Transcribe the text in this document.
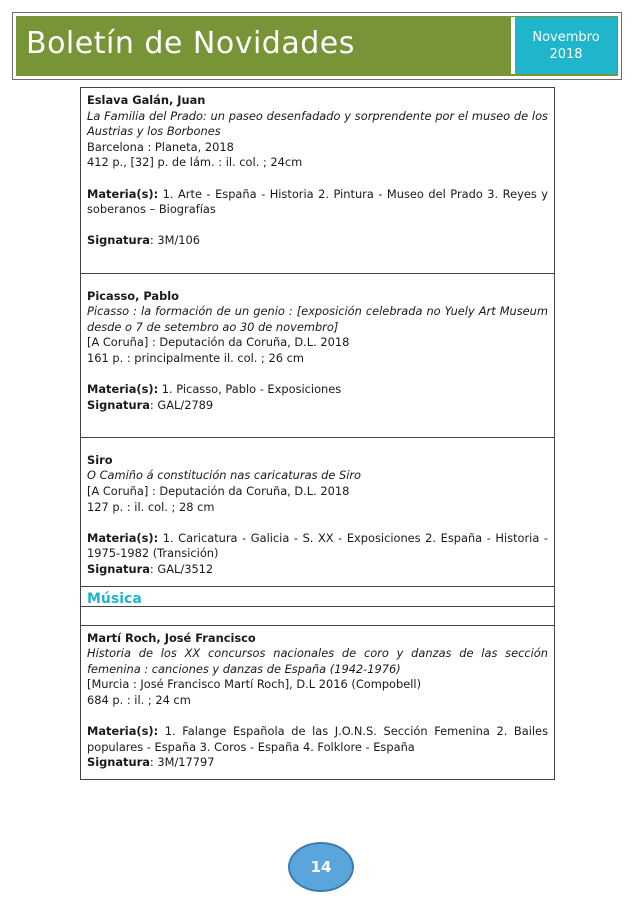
Boletín de Novidades	Novembro
2018

Eslava Galán, Juan

La Familia del Prado: un paseo desenfadado y sorprendente por el museo de los Austrias y los Borbones

Barcelona : Planeta, 2018

412 p., [32] p. de lám. : il. col. ; 24cm

Materia(s): 1. Arte - España - Historia 2. Pintura - Museo del Prado 3. Reyes y soberanos – Biografías

Signatura: 3M/106

Picasso, Pablo

Picasso : la formación de un genio : [exposición celebrada no Yuely Art Museum desde o 7 de setembro ao 30 de novembro]

[A Coruña] : Deputación da Coruña, D.L. 2018

161 p. : principalmente il. col. ; 26 cm

Materia(s): 1. Picasso, Pablo - Exposiciones

Signatura: GAL/2789

Siro

O Camiño á constitución nas caricaturas de Siro

[A Coruña] : Deputación da Coruña, D.L. 2018

127 p. : il. col. ; 28 cm

Materia(s): 1. Caricatura - Galicia - S. XX - Exposiciones 2. España - Historia - 1975-1982 (Transición)

Signatura: GAL/3512

Música

Martí Roch, José Francisco

Historia de los XX concursos nacionales de coro y danzas de las sección femenina : canciones y danzas de España (1942-1976)

[Murcia : José Francisco Martí Roch], D.L 2016 (Compobell)

684 p. : il. ; 24 cm

Materia(s): 1. Falange Española de las J.O.N.S. Sección Femenina 2. Bailes populares - España 3. Coros - España 4. Folklore - España

Signatura: 3M/17797

14
